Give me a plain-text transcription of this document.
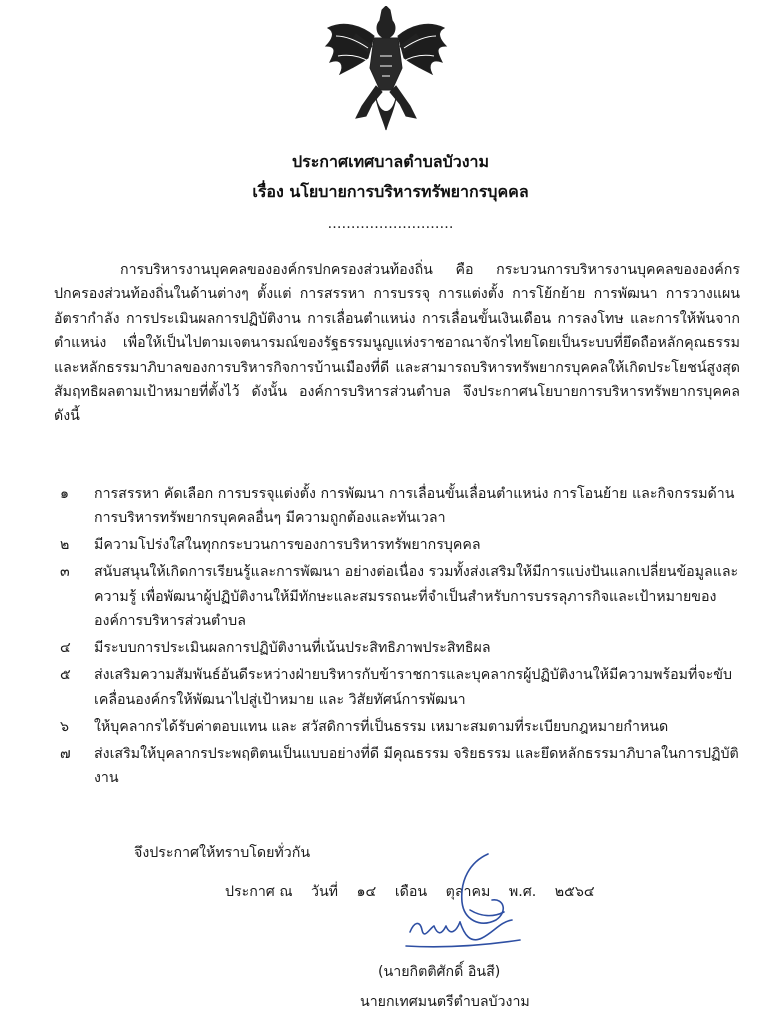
ประกาศเทศบาลตำบลบัวงาม
เรื่อง นโยบายการบริหารทรัพยากรบุคคล
………………………

การบริหารงานบุคคลขององค์กรปกครองส่วนท้องถิ่น คือ กระบวนการบริหารงานบุคคลขององค์กรปกครองส่วนท้องถิ่นในด้านต่างๆ ตั้งแต่ การสรรหา การบรรจุ การแต่งตั้ง การโย้กย้าย การพัฒนา การวางแผนอัตรากำลัง การประเมินผลการปฏิบัติงาน การเลื่อนตำแหน่ง การเลื่อนขั้นเงินเดือน การลงโทษ และการให้พ้นจากตำแหน่ง เพื่อให้เป็นไปตามเจตนารมณ์ของรัฐธรรมนูญแห่งราชอาณาจักรไทยโดยเป็นระบบที่ยึดถือหลักคุณธรรม และหลักธรรมาภิบาลของการบริหารกิจการบ้านเมืองที่ดี และสามารถบริหารทรัพยากรบุคคลให้เกิดประโยชน์สูงสุด สัมฤทธิผลตามเป้าหมายที่ตั้งไว้ ดังนั้น องค์การบริหารส่วนตำบล จึงประกาศนโยบายการบริหารทรัพยากรบุคคล ดังนี้

๑	การสรรหา คัดเลือก การบรรจุแต่งตั้ง การพัฒนา การเลื่อนขั้นเลื่อนตำแหน่ง การโอนย้าย และกิจกรรมด้านการบริหารทรัพยากรบุคคลอื่นๆ มีความถูกต้องและทันเวลา
๒	มีความโปร่งใสในทุกกระบวนการของการบริหารทรัพยากรบุคคล
๓	สนับสนุนให้เกิดการเรียนรู้และการพัฒนา อย่างต่อเนื่อง รวมทั้งส่งเสริมให้มีการแบ่งปันแลกเปลี่ยนข้อมูลและความรู้ เพื่อพัฒนาผู้ปฏิบัติงานให้มีทักษะและสมรรถนะที่จำเป็นสำหรับการบรรลุภารกิจและเป้าหมายขององค์การบริหารส่วนตำบล
๔	มีระบบการประเมินผลการปฏิบัติงานที่เน้นประสิทธิภาพประสิทธิผล
๕	ส่งเสริมความสัมพันธ์อันดีระหว่างฝ่ายบริหารกับข้าราชการและบุคลากรผู้ปฏิบัติงานให้มีความพร้อมที่จะขับเคลื่อนองค์กรให้พัฒนาไปสู่เป้าหมาย และ วิสัยทัศน์การพัฒนา
๖	ให้บุคลากรได้รับค่าตอบแทน และ สวัสดิการที่เป็นธรรม เหมาะสมตามที่ระเบียบกฎหมายกำหนด
๗	ส่งเสริมให้บุคลากรประพฤติตนเป็นแบบอย่างที่ดี มีคุณธรรม จริยธรรม และยึดหลักธรรมาภิบาลในการปฏิบัติงาน
จึงประกาศให้ทราบโดยทั่วกัน
ประกาศ ณ วันที่ ๑๔ เดือน ตุลาคม พ.ศ. ๒๕๖๔
(นายกิตติศักดิ์ อินสี)
นายกเทศมนตรีตำบลบัวงาม
